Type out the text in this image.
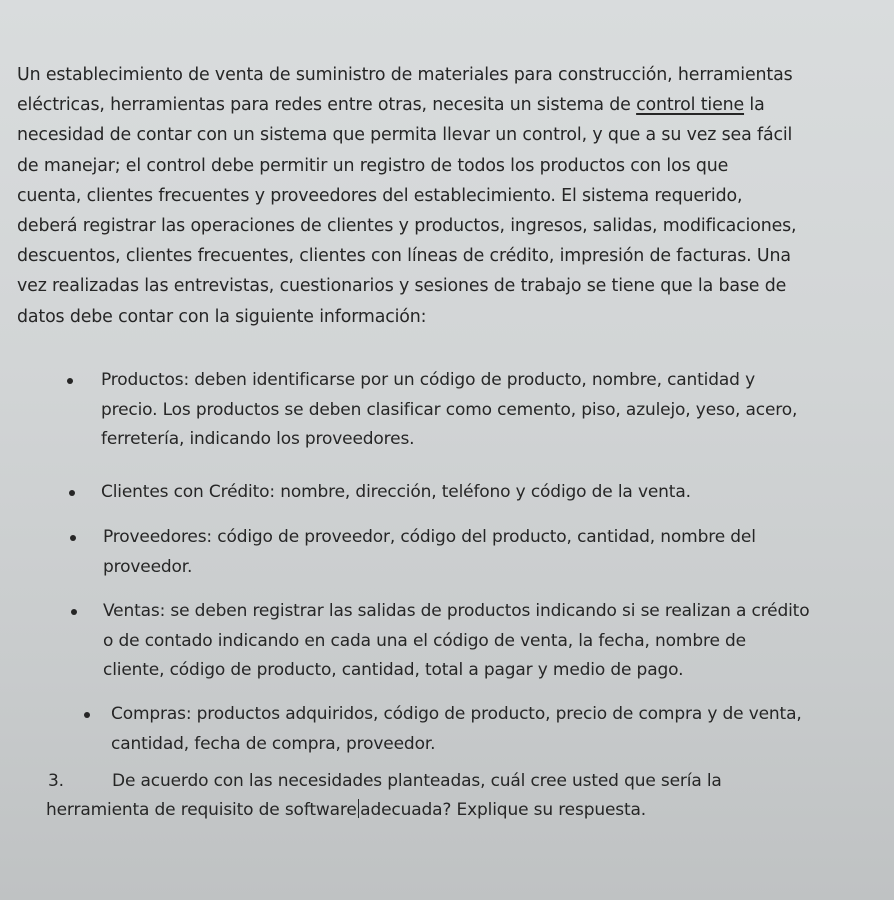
Un establecimiento de venta de suministro de materiales para construcción, herramientas
eléctricas, herramientas para redes entre otras, necesita un sistema de control tiene la
necesidad de contar con un sistema que permita llevar un control, y que a su vez sea fácil
de manejar; el control debe permitir un registro de todos los productos con los que
cuenta, clientes frecuentes y proveedores del establecimiento. El sistema requerido,
deberá registrar las operaciones de clientes y productos, ingresos, salidas, modificaciones,
descuentos, clientes frecuentes, clientes con líneas de crédito, impresión de facturas. Una
vez realizadas las entrevistas, cuestionarios y sesiones de trabajo se tiene que la base de
datos debe contar con la siguiente información:
Productos: deben identificarse por un código de producto, nombre, cantidad y
precio. Los productos se deben clasificar como cemento, piso, azulejo, yeso, acero,
ferretería, indicando los proveedores.
Clientes con Crédito: nombre, dirección, teléfono y código de la venta.
Proveedores: código de proveedor, código del producto, cantidad, nombre del
proveedor.
Ventas: se deben registrar las salidas de productos indicando si se realizan a crédito
o de contado indicando en cada una el código de venta, la fecha, nombre de
cliente, código de producto, cantidad, total a pagar y medio de pago.
Compras: productos adquiridos, código de producto, precio de compra y de venta,
cantidad, fecha de compra, proveedor.
3.	De acuerdo con las necesidades planteadas, cuál cree usted que sería la
herramienta de requisito de software adecuada? Explique su respuesta.
